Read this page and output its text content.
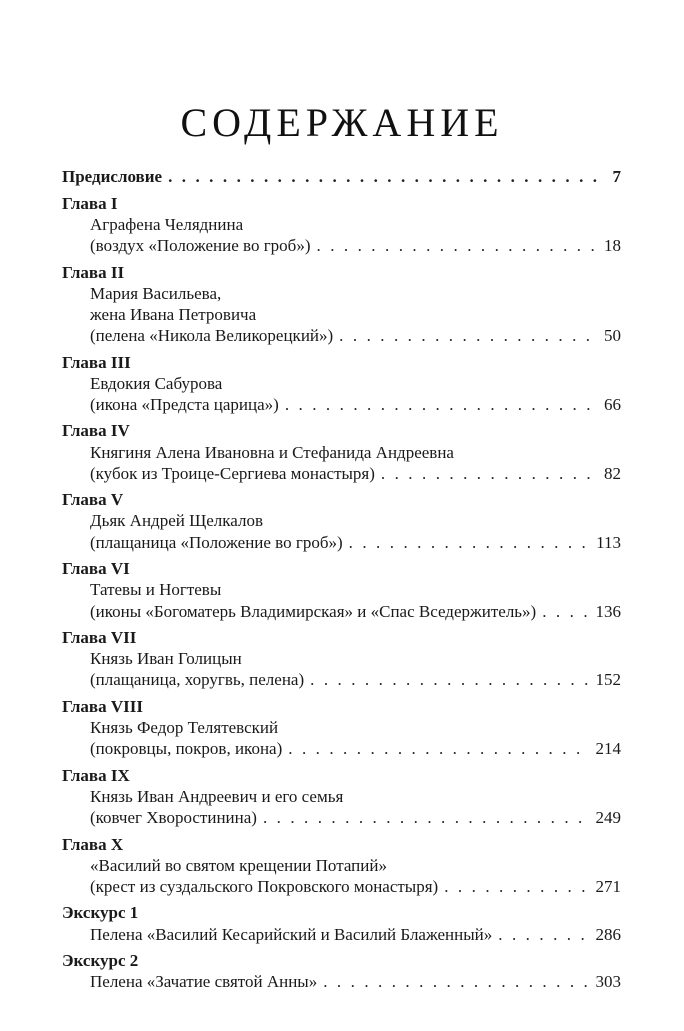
СОДЕРЖАНИЕ
Предисловие . . .	7
Глава I
Аграфена Челяднина
(воздух «Положение во гроб») . . .	18
Глава II
Мария Васильева,
жена Ивана Петровича
(пелена «Никола Великорецкий») . . .	50
Глава III
Евдокия Сабурова
(икона «Предста царица») . . .	66
Глава IV
Княгиня Алена Ивановна и Стефанида Андреевна
(кубок из Троице-Сергиева монастыря) . . .	82
Глава V
Дьяк Андрей Щелкалов
(плащаница «Положение во гроб») . . .	113
Глава VI
Татевы и Ногтевы
(иконы «Богоматерь Владимирская» и «Спас Вседержитель») . . .	136
Глава VII
Князь Иван Голицын
(плащаница, хоругвь, пелена) . . .	152
Глава VIII
Князь Федор Телятевский
(покровцы, покров, икона) . . .	214
Глава IX
Князь Иван Андреевич и его семья
(ковчег Хворостинина) . . .	249
Глава X
«Василий во святом крещении Потапий»
(крест из суздальского Покровского монастыря) . . .	271
Экскурс 1
Пелена «Василий Кесарийский и Василий Блаженный» . . .	286
Экскурс 2
Пелена «Зачатие святой Анны» . . .	303
